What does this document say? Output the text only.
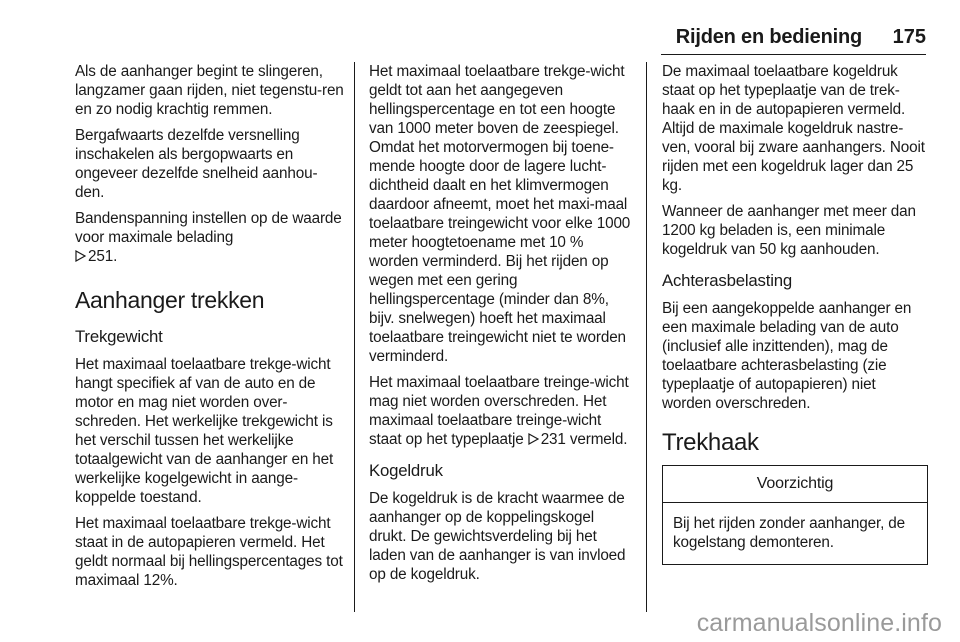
Rijden en bediening 175

Als de aanhanger begint te slingeren, langzamer gaan rijden, niet tegenstu-ren en zo nodig krachtig remmen.

Bergafwaarts dezelfde versnelling inschakelen als bergopwaarts en ongeveer dezelfde snelheid aanhou-den.

Bandenspanning instellen op de waarde voor maximale belading
251.

Aanhanger trekken
Trekgewicht

Het maximaal toelaatbare trekge-wicht hangt specifiek af van de auto en de motor en mag niet worden over-schreden. Het werkelijke trekgewicht is het verschil tussen het werkelijke totaalgewicht van de aanhanger en het werkelijke kogelgewicht in aange-koppelde toestand.

Het maximaal toelaatbare trekge-wicht staat in de autopapieren vermeld. Het geldt normaal bij hellingspercentages tot maximaal 12%.

Het maximaal toelaatbare trekge-wicht geldt tot aan het aangegeven hellingspercentage en tot een hoogte van 1000 meter boven de zeespiegel. Omdat het motorvermogen bij toene-mende hoogte door de lagere lucht-dichtheid daalt en het klimvermogen daardoor afneemt, moet het maxi-maal toelaatbare treingewicht voor elke 1000 meter hoogtetoename met 10 % worden verminderd. Bij het rijden op wegen met een gering hellingspercentage (minder dan 8%, bijv. snelwegen) hoeft het maximaal toelaatbare treingewicht niet te worden verminderd.

Het maximaal toelaatbare treinge-wicht mag niet worden overschreden. Het maximaal toelaatbare treinge-wicht staat op het typeplaatje 231 vermeld.

Kogeldruk

De kogeldruk is de kracht waarmee de aanhanger op de koppelingskogel drukt. De gewichtsverdeling bij het laden van de aanhanger is van invloed op de kogeldruk.

De maximaal toelaatbare kogeldruk staat op het typeplaatje van de trek-haak en in de autopapieren vermeld. Altijd de maximale kogeldruk nastre-ven, vooral bij zware aanhangers. Nooit rijden met een kogeldruk lager dan 25 kg.

Wanneer de aanhanger met meer dan 1200 kg beladen is, een minimale kogeldruk van 50 kg aanhouden.

Achterasbelasting

Bij een aangekoppelde aanhanger en een maximale belading van de auto (inclusief alle inzittenden), mag de toelaatbare achterasbelasting (zie typeplaatje of autopapieren) niet worden overschreden.

Trekhaak
Voorzichtig
Bij het rijden zonder aanhanger, de kogelstang demonteren.
carmanualsonline.info
